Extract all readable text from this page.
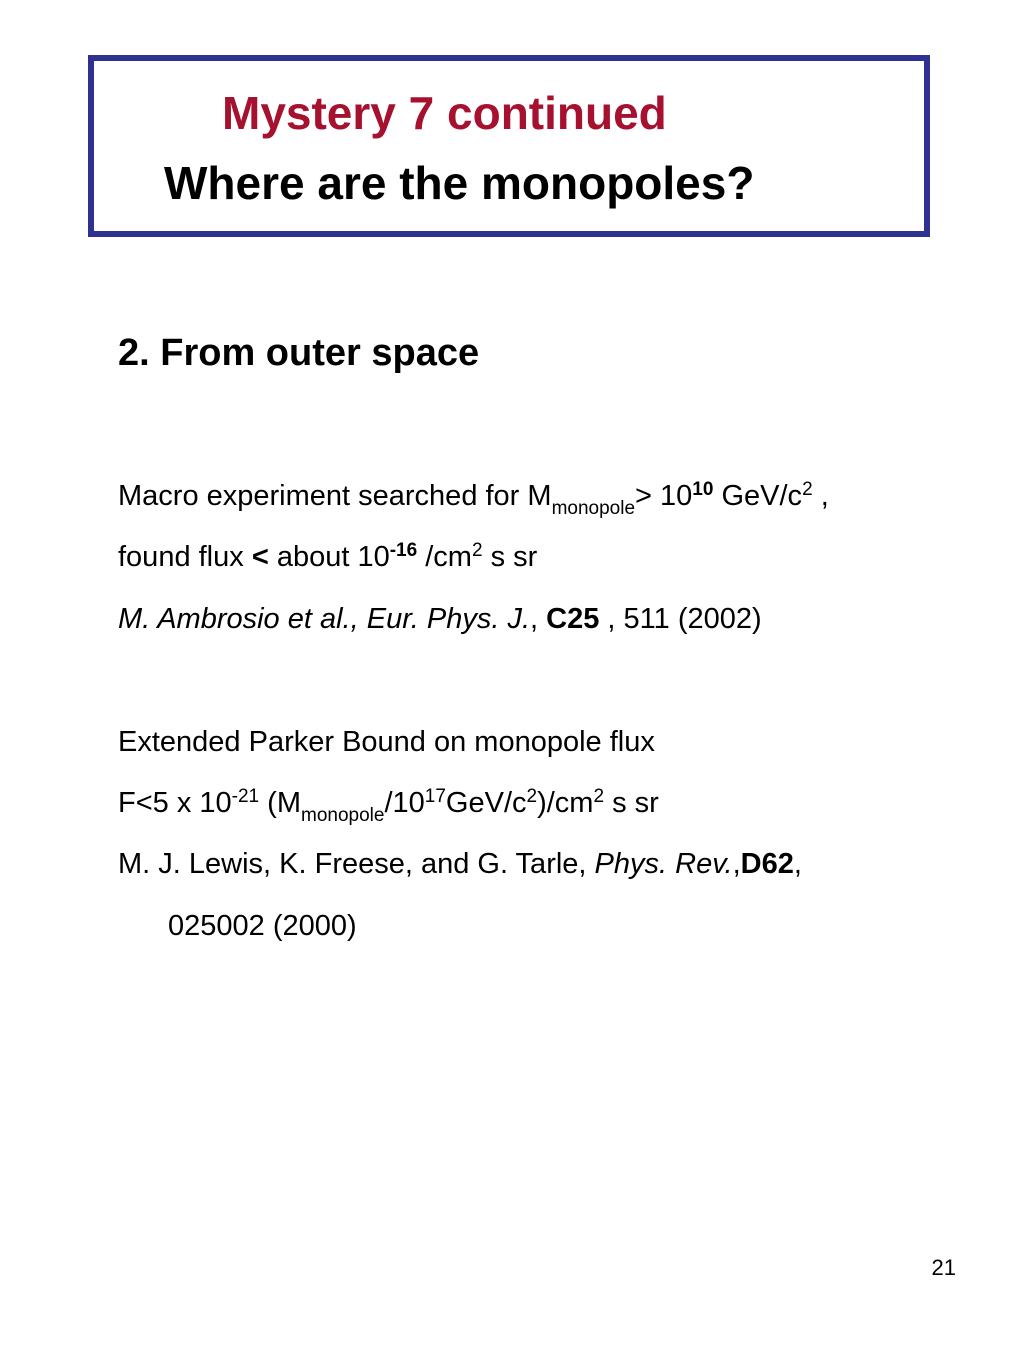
Mystery 7 continued
Where are the monopoles?
2. From outer space
Macro experiment searched for $M_{monopole}> 10^{10}$ GeV/$c^2$ ,
found flux < about $10^{-16}$ $/cm^2$ s sr
M. Ambrosio et al., Eur. Phys. J., C25 , 511 (2002)
Extended Parker Bound on monopole flux
F<5 x $10^{-21}$ $(M_{monopole}/10^{17}GeV/c^2)/cm^2$ s sr
M. J. Lewis, K. Freese, and G. Tarle, Phys. Rev.,D62,
025002 (2000)
21
